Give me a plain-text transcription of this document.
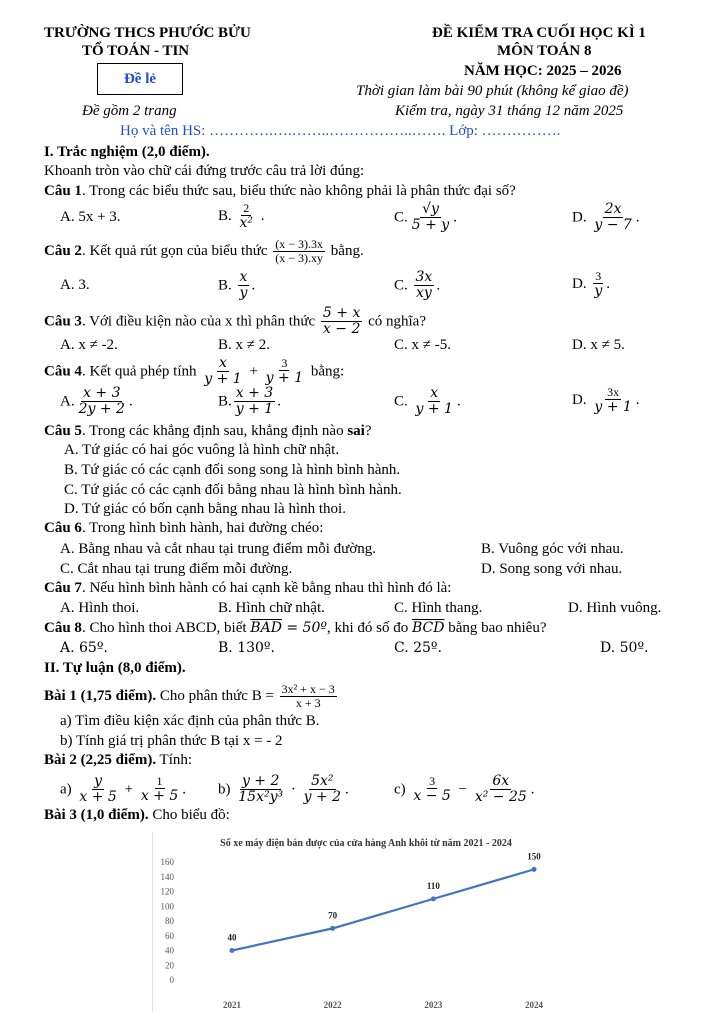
TRƯỜNG THCS PHƯỚC BỬU
TỔ TOÁN - TIN
ĐỀ KIỂM TRA CUỐI HỌC KÌ 1
MÔN TOÁN 8
NĂM HỌC: 2025 – 2026
Đề lẻ
Thời gian làm bài 90 phút (không kể giao đề)
Đề gồm 2 trang	Kiểm tra, ngày 31 tháng 12 năm 2025
Họ và tên HS: ………….….……..……………..……. Lớp: …………….
I. Trắc nghiệm (2,0 điểm).
Khoanh tròn vào chữ cái đứng trước câu trả lời đúng:
Câu 1. Trong các biểu thức sau, biểu thức nào không phải là phân thức đại số?
A. 5x + 3.	B. $\frac{2}{\text{x²}}$ .	C. $\frac{√y}{5 + y}$ .	D. $\frac{2x}{y - 7}$ .
Câu 2. Kết quả rút gọn của biểu thức $\frac{(x - 3).3x}{(x - 3).xy}$ bằng.
A. 3.	B. $\frac{x}{y}$ .	C. $\frac{3x}{xy}$ .	D. $\frac{3}{y}$ .
Câu 3. Với điều kiện nào của x thì phân thức $\frac{5 + x}{x - 2}$ có nghĩa?
A. x ≠ -2.	B. x ≠ 2.	C. x ≠ -5.	D. x ≠ 5.
Câu 4. Kết quả phép tính $\frac{x}{y + 1} + \frac{3}{y + 1}$ bằng:
A. $\frac{x + 3}{2y + 2}$ .	B. $\frac{x + 3}{y + 1}$ .	C. $\frac{x}{y + 1}$ .	D. $\frac{3x}{y + 1}$ .
Câu 5. Trong các khẳng định sau, khẳng định nào sai?
A. Tứ giác có hai góc vuông là hình chữ nhật.
B. Tứ giác có các cạnh đối song song là hình bình hành.
C. Tứ giác có các cạnh đối bằng nhau là hình bình hành.
D. Tứ giác có bốn cạnh bằng nhau là hình thoi.
Câu 6. Trong hình bình hành, hai đường chéo:
A. Bằng nhau và cắt nhau tại trung điểm mỗi đường.	B. Vuông góc với nhau.
C. Cắt nhau tại trung điểm mỗi đường.	D. Song song với nhau.
Câu 7. Nếu hình bình hành có hai cạnh kề bằng nhau thì hình đó là:
A. Hình thoi.	B. Hình chữ nhật.	C. Hình thang.	D. Hình vuông.
Câu 8. Cho hình thoi ABCD, biết $\overline{BAD}$ = 50º, khi đó số đo $\overline{BCD}$ bằng bao nhiêu?
A. 65º.	B. 130º.	C. 25º.	D. 50º.
II. Tự luận (8,0 điểm).
Bài 1 (1,75 điểm). Cho phân thức $B = \frac{\text{3x² + x − 3}}{x + 3}$
a) Tìm điều kiện xác định của phân thức B.
b) Tính giá trị phân thức B tại x = - 2
Bài 2 (2,25 điểm). Tính:
$a) \frac{y}{x + 5} + \frac{1}{x + 5}$ . $b) \frac{y + 2}{\text{15x²y³}} \cdot \frac{\text{5x²}}{y + 2}$ .	$c) \frac{3}{x - 5} - \frac{6x}{\text{x² − 25}}$ .
Bài 3 (1,0 điểm). Cho biểu đồ:
Số xe máy điện bán được của cửa hàng Anh khôi từ năm 2021 - 2024
0
20
40
60
80
100
120
140
160
2021	2022	2023	2024
40
70
110
150
